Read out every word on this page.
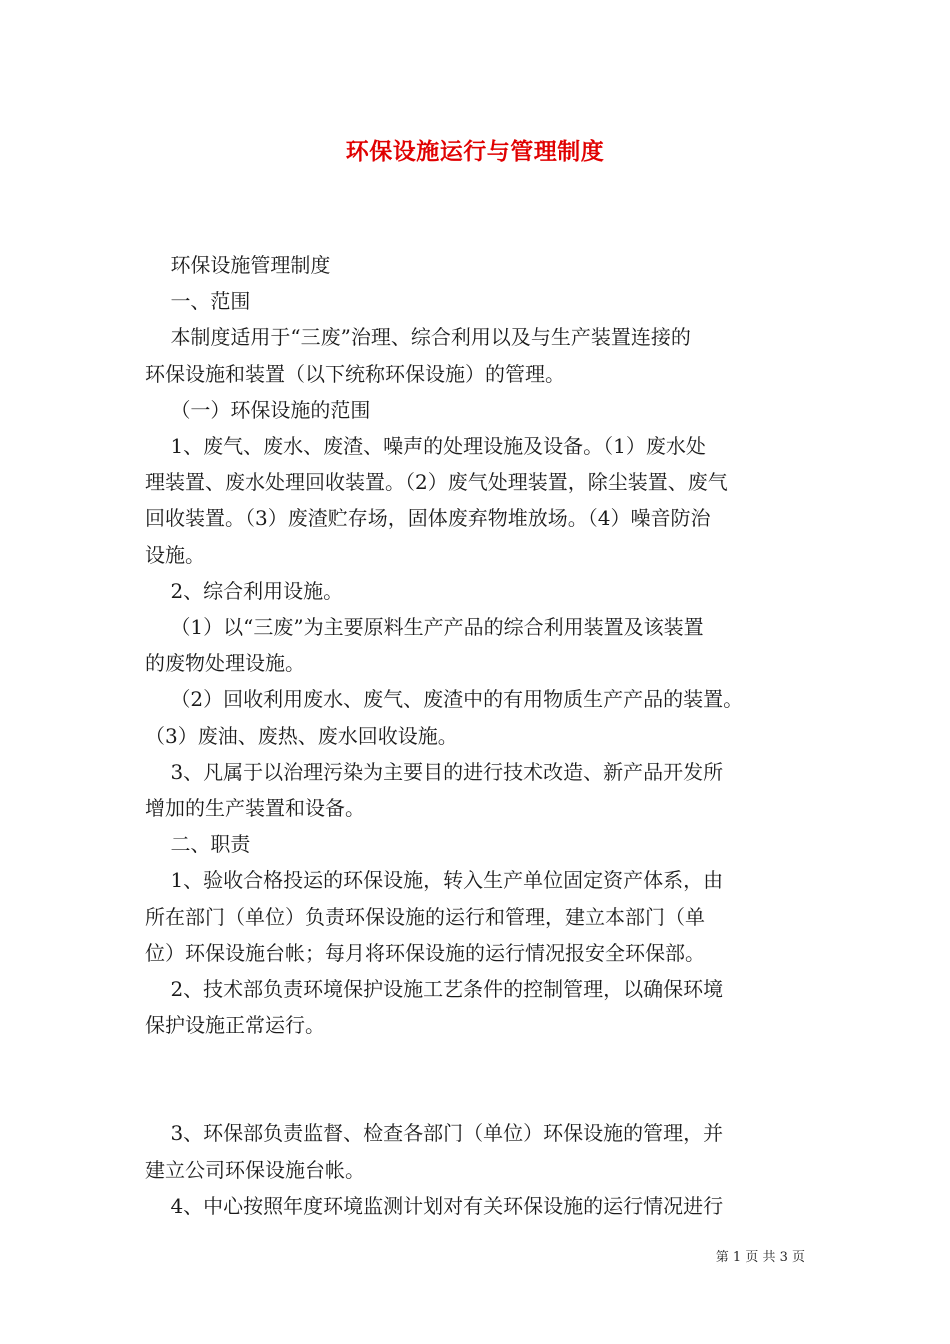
环保设施运行与管理制度

环保设施管理制度

一、范围

本制度适用于“三废”治理、综合利用以及与生产装置连接的
环保设施和装置（以下统称环保设施）的管理。

（一）环保设施的范围

1、废气、废水、废渣、噪声的处理设施及设备。（1）废水处
理装置、废水处理回收装置。（2）废气处理装置，除尘装置、废气
回收装置。（3）废渣贮存场，固体废弃物堆放场。（4）噪音防治
设施。

2、综合利用设施。

（1）以“三废”为主要原料生产产品的综合利用装置及该装置
的废物处理设施。

（2）回收利用废水、废气、废渣中的有用物质生产产品的装置。
（3）废油、废热、废水回收设施。

3、凡属于以治理污染为主要目的进行技术改造、新产品开发所
增加的生产装置和设备。

二、职责

1、验收合格投运的环保设施，转入生产单位固定资产体系，由
所在部门（单位）负责环保设施的运行和管理，建立本部门（单
位）环保设施台帐；每月将环保设施的运行情况报安全环保部。

2、技术部负责环境保护设施工艺条件的控制管理，以确保环境
保护设施正常运行。

3、环保部负责监督、检查各部门（单位）环保设施的管理，并
建立公司环保设施台帐。

4、中心按照年度环境监测计划对有关环保设施的运行情况进行

第 1 页 共 3 页
